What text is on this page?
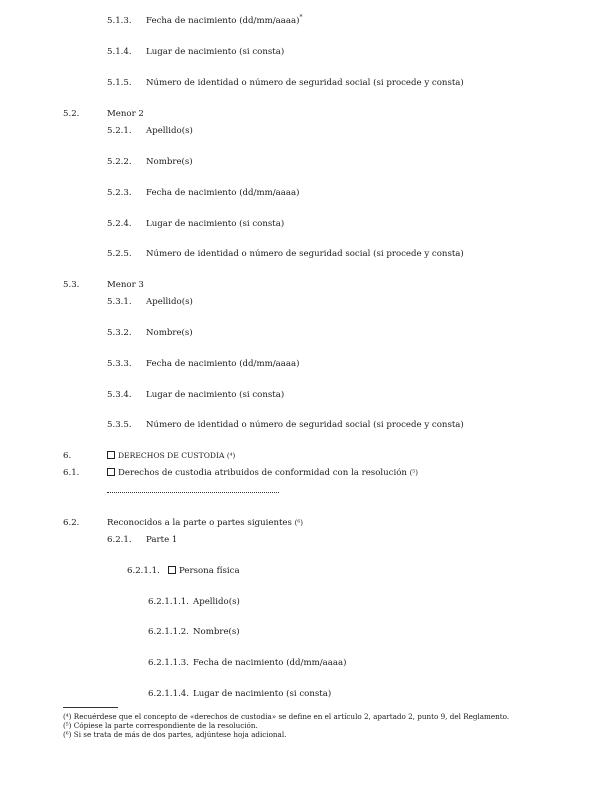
5.1.3. Fecha de nacimiento (dd/mm/aaaa)*
5.1.4. Lugar de nacimiento (si consta)
5.1.5. Número de identidad o número de seguridad social (si procede y consta)
5.2.	Menor 2
5.2.1. Apellido(s)
5.2.2. Nombre(s)
5.2.3. Fecha de nacimiento (dd/mm/aaaa)
5.2.4. Lugar de nacimiento (si consta)
5.2.5. Número de identidad o número de seguridad social (si procede y consta)
5.3.	Menor 3
5.3.1. Apellido(s)
5.3.2. Nombre(s)
5.3.3. Fecha de nacimiento (dd/mm/aaaa)
5.3.4. Lugar de nacimiento (si consta)
5.3.5. Número de identidad o número de seguridad social (si procede y consta)
6.	DERECHOS DE CUSTODIA (⁴)
6.1.	Derechos de custodia atribuidos de conformidad con la resolución (⁵)
6.2.	Reconocidos a la parte o partes siguientes (⁶)
6.2.1. Parte 1
6.2.1.1.	Persona física
6.2.1.1.1. Apellido(s)
6.2.1.1.2. Nombre(s)
6.2.1.1.3. Fecha de nacimiento (dd/mm/aaaa)
6.2.1.1.4. Lugar de nacimiento (si consta)
(⁴) Recuérdese que el concepto de «derechos de custodia» se define en el artículo 2, apartado 2, punto 9, del Reglamento.
(⁵) Cópiese la parte correspondiente de la resolución.
(⁶) Si se trata de más de dos partes, adjúntese hoja adicional.
